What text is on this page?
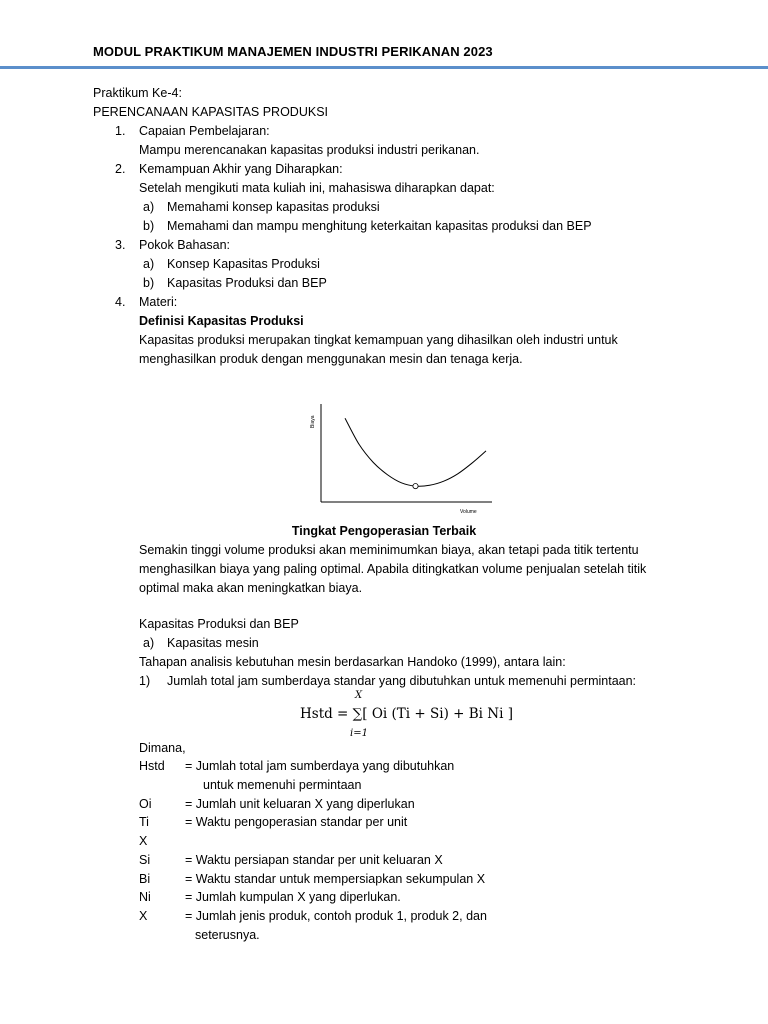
MODUL PRAKTIKUM MANAJEMEN INDUSTRI PERIKANAN 2023
Praktikum Ke-4:
PERENCANAAN KAPASITAS PRODUKSI
1. Capaian Pembelajaran:
Mampu merencanakan kapasitas produksi industri perikanan.
2. Kemampuan Akhir yang Diharapkan:
Setelah mengikuti mata kuliah ini, mahasiswa diharapkan dapat:
a) Memahami konsep kapasitas produksi
b) Memahami dan mampu menghitung keterkaitan kapasitas produksi dan BEP
3. Pokok Bahasan:
a) Konsep Kapasitas Produksi
b) Kapasitas Produksi dan BEP
4. Materi:
Definisi Kapasitas Produksi
Kapasitas produksi merupakan tingkat kemampuan yang dihasilkan oleh industri untuk
menghasilkan produk dengan menggunakan mesin dan tenaga kerja.
Biaya
Volume
Tingkat Pengoperasian Terbaik
Semakin tinggi volume produksi akan meminimumkan biaya, akan tetapi pada titik tertentu
menghasilkan biaya yang paling optimal. Apabila ditingkatkan volume penjualan setelah titik
optimal maka akan meningkatkan biaya.
Kapasitas Produksi dan BEP
a) Kapasitas mesin
Tahapan analisis kebutuhan mesin berdasarkan Handoko (1999), antara lain:
1) Jumlah total jam sumberdaya standar yang dibutuhkan untuk memenuhi permintaan:
X
Hstd = ∑[ Oi (Ti + Si) + Bi Ni ]
i=1
Dimana,
Hstd = Jumlah total jam sumberdaya yang dibutuhkan
untuk memenuhi permintaan
Oi	= Jumlah unit keluaran X yang diperlukan
Ti	= Waktu pengoperasian standar per unit
X
Si	= Waktu persiapan standar per unit keluaran X
Bi	= Waktu standar untuk mempersiapkan sekumpulan X
Ni	= Jumlah kumpulan X yang diperlukan.
X	= Jumlah jenis produk, contoh produk 1, produk 2, dan
seterusnya.
